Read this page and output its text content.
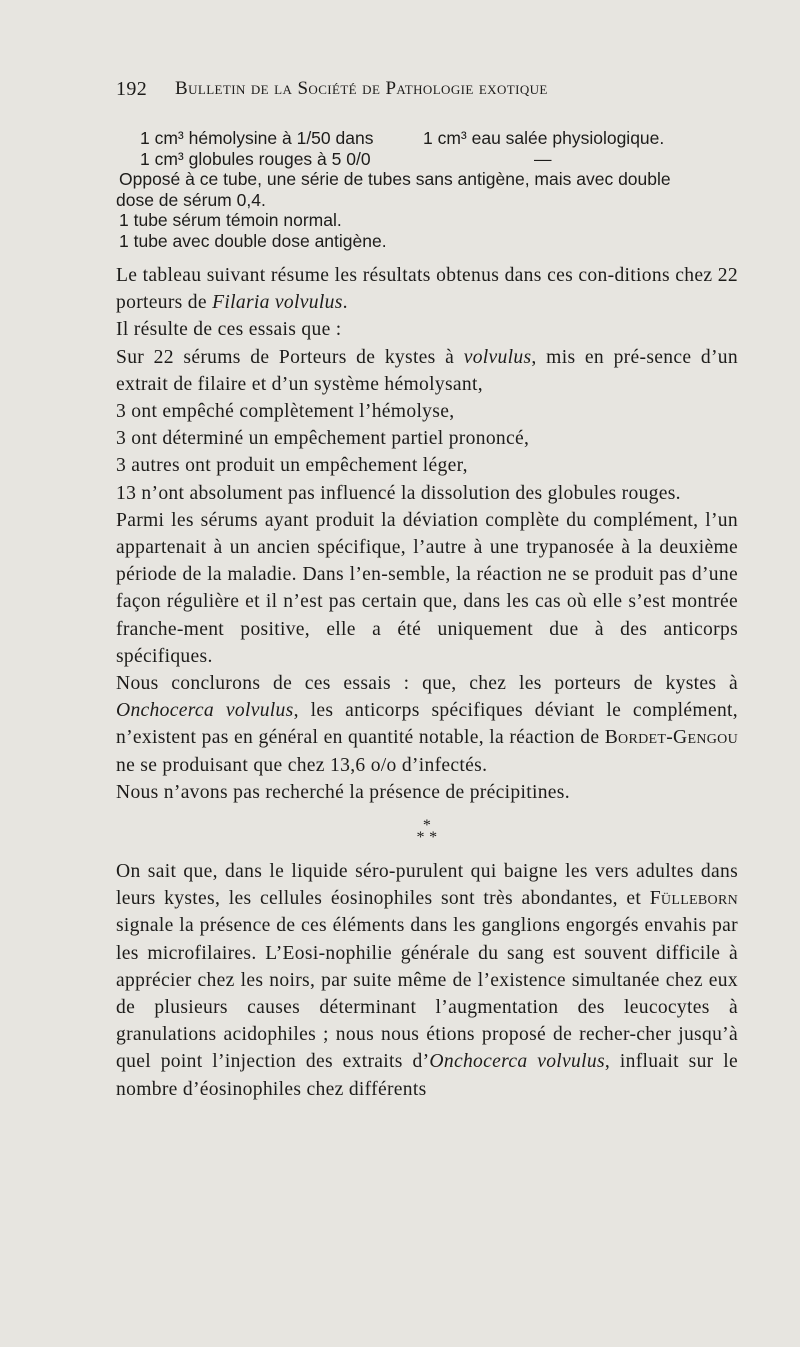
192 Bulletin de la Société de Pathologie exotique
1 cm³ hémolysine à 1/50 dans	1 cm³ eau salée physiologique.
1 cm³ globules rouges à 5 0/0	—
Opposé à ce tube, une série de tubes sans antigène, mais avec double
dose de sérum 0,4.
1 tube sérum témoin normal.
1 tube avec double dose antigène.

Le tableau suivant résume les résultats obtenus dans ces con-ditions chez 22 porteurs de Filaria volvulus.

Il résulte de ces essais que :

Sur 22 sérums de Porteurs de kystes à volvulus, mis en pré-sence d’un extrait de filaire et d’un système hémolysant,

3 ont empêché complètement l’hémolyse,

3 ont déterminé un empêchement partiel prononcé,

3 autres ont produit un empêchement léger,

13 n’ont absolument pas influencé la dissolution des globules rouges.

Parmi les sérums ayant produit la déviation complète du complément, l’un appartenait à un ancien spécifique, l’autre à une trypanosée à la deuxième période de la maladie. Dans l’en-semble, la réaction ne se produit pas d’une façon régulière et il n’est pas certain que, dans les cas où elle s’est montrée franche-ment positive, elle a été uniquement due à des anticorps spécifiques.

Nous conclurons de ces essais : que, chez les porteurs de kystes à Onchocerca volvulus, les anticorps spécifiques déviant le complément, n’existent pas en général en quantité notable, la réaction de Bordet-Gengou ne se produisant que chez 13,6 o/o d’infectés.

Nous n’avons pas recherché la présence de précipitines.

*
* *

On sait que, dans le liquide séro-purulent qui baigne les vers adultes dans leurs kystes, les cellules éosinophiles sont très abondantes, et Fülleborn signale la présence de ces éléments dans les ganglions engorgés envahis par les microfilaires. L’Eosi-nophilie générale du sang est souvent difficile à apprécier chez les noirs, par suite même de l’existence simultanée chez eux de plusieurs causes déterminant l’augmentation des leucocytes à granulations acidophiles ; nous nous étions proposé de recher-cher jusqu’à quel point l’injection des extraits d’Onchocerca volvulus, influait sur le nombre d’éosinophiles chez différents
